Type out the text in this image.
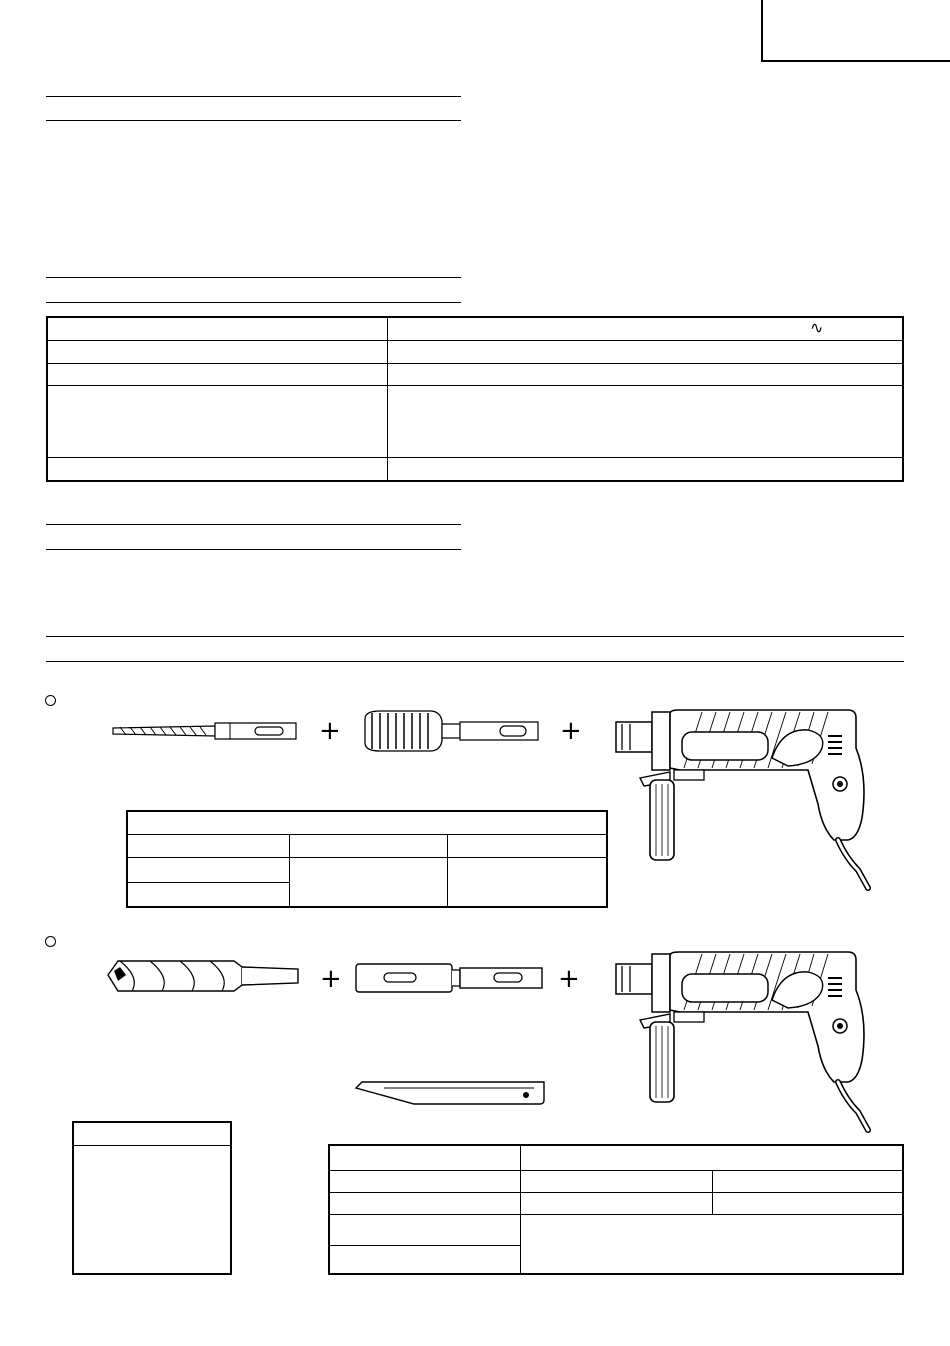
∿
+	+
+	+
